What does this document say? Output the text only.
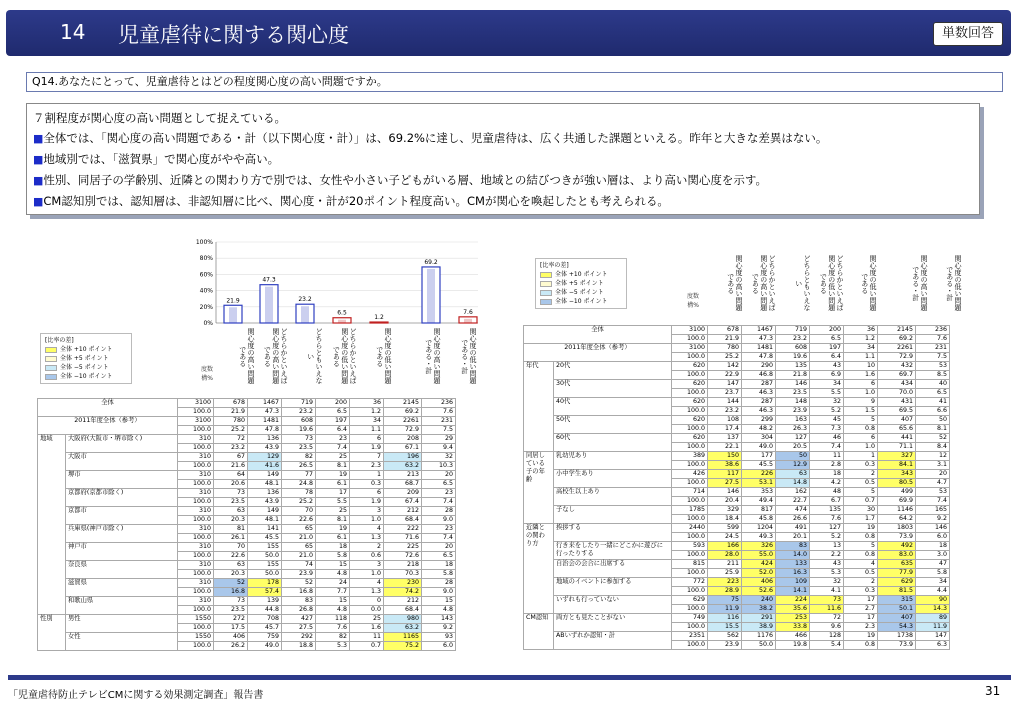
14 児童虐待に関する関心度	単数回答
Q14.あなたにとって、児童虐待とはどの程度関心度の高い問題ですか。
７割程度が関心度の高い問題として捉えている。
■全体では、「関心度の高い問題である・計（以下関心度・計）」は、69.2%に達し、児童虐待は、広く共通した課題といえる。昨年と大きな差異はない。
■地域別では、「滋賀県」で関心度がやや高い。
■性別、同居子の学齢別、近隣との関わり方で別では、女性や小さい子どもがいる層、地域との結びつきが強い層は、より高い関心度を示す。
■CM認知別では、認知層は、非認知層に比べ、関心度・計が20ポイント程度高い。CMが関心を喚起したとも考えられる。
0%
20%
40%
60%
80%
100%
21.9
47.3
23.2
6.5
1.2
69.2
7.6
[比率の差]
全体 +10 ポイント
全体 +5 ポイント
全体 −5 ポイント
全体 −10 ポイント
[比率の差]
全体 +10 ポイント
全体 +5 ポイント
全体 −5 ポイント
全体 −10 ポイント
関心度の高い問題である	どちらかといえば関心度の高い問題である	どちらともいえない	どちらかといえば関心度の低い問題である	関心度の低い問題である	関心度の高い問題である・計	関心度の低い問題である・計
度数
構%
関心度の高い問題である	どちらかといえば関心度の高い問題である	どちらともいえない	どちらかといえば関心度の低い問題である	関心度の低い問題である	関心度の高い問題である・計	関心度の低い問題である・計
度数
構%
全体		3100	678	1467	719	200	36	2145	236
		100.0	21.9	47.3	23.2	6.5	1.2	69.2	7.6
2011年度全体（参考）		3100	780	1481	608	197	34	2261	231
		100.0	25.2	47.8	19.6	6.4	1.1	72.9	7.5
地域	大阪府(大阪市・堺市除く)	310	72	136	73	23	6	208	29
		100.0	23.2	43.9	23.5	7.4	1.9	67.1	9.4
	大阪市	310	67	129	82	25	7	196	32
		100.0	21.6	41.6	26.5	8.1	2.3	63.2	10.3
	堺市	310	64	149	77	19	1	213	20
		100.0	20.6	48.1	24.8	6.1	0.3	68.7	6.5
	京都府(京都市除く)	310	73	136	78	17	6	209	23
		100.0	23.5	43.9	25.2	5.5	1.9	67.4	7.4
	京都市	310	63	149	70	25	3	212	28
		100.0	20.3	48.1	22.6	8.1	1.0	68.4	9.0
	兵庫県(神戸市除く)	310	81	141	65	19	4	222	23
		100.0	26.1	45.5	21.0	6.1	1.3	71.6	7.4
	神戸市	310	70	155	65	18	2	225	20
		100.0	22.6	50.0	21.0	5.8	0.6	72.6	6.5
	奈良県	310	63	155	74	15	3	218	18
		100.0	20.3	50.0	23.9	4.8	1.0	70.3	5.8
	滋賀県	310	52	178	52	24	4	230	28
		100.0	16.8	57.4	16.8	7.7	1.3	74.2	9.0
	和歌山県	310	73	139	83	15	0	212	15
		100.0	23.5	44.8	26.8	4.8	0.0	68.4	4.8
性別	男性	1550	272	708	427	118	25	980	143
		100.0	17.5	45.7	27.5	7.6	1.6	63.2	9.2
	女性	1550	406	759	292	82	11	1165	93
		100.0	26.2	49.0	18.8	5.3	0.7	75.2	6.0
全体		3100	678	1467	719	200	36	2145	236
		100.0	21.9	47.3	23.2	6.5	1.2	69.2	7.6
2011年度全体（参考）		3100	780	1481	608	197	34	2261	231
		100.0	25.2	47.8	19.6	6.4	1.1	72.9	7.5
年代	20代	620	142	290	135	43	10	432	53
		100.0	22.9	46.8	21.8	6.9	1.6	69.7	8.5
	30代	620	147	287	146	34	6	434	40
		100.0	23.7	46.3	23.5	5.5	1.0	70.0	6.5
	40代	620	144	287	148	32	9	431	41
		100.0	23.2	46.3	23.9	5.2	1.5	69.5	6.6
	50代	620	108	299	163	45	5	407	50
		100.0	17.4	48.2	26.3	7.3	0.8	65.6	8.1
	60代	620	137	304	127	46	6	441	52
		100.0	22.1	49.0	20.5	7.4	1.0	71.1	8.4
同居している子の年齢	乳幼児あり	389	150	177	50	11	1	327	12
		100.0	38.6	45.5	12.9	2.8	0.3	84.1	3.1
	小中学生あり	426	117	226	63	18	2	343	20
		100.0	27.5	53.1	14.8	4.2	0.5	80.5	4.7
	高校生以上あり	714	146	353	162	48	5	499	53
		100.0	20.4	49.4	22.7	6.7	0.7	69.9	7.4
	子なし	1785	329	817	474	135	30	1146	165
		100.0	18.4	45.8	26.6	7.6	1.7	64.2	9.2
近隣との関わり方	挨拶する	2440	599	1204	491	127	19	1803	146
		100.0	24.5	49.3	20.1	5.2	0.8	73.9	6.0
	行き来をしたり一緒にどこかに遊びに行ったりする	593	166	326	83	13	5	492	18
		100.0	28.0	55.0	14.0	2.2	0.8	83.0	3.0
	自治会の会合に出席する	815	211	424	133	43	4	635	47
		100.0	25.9	52.0	16.3	5.3	0.5	77.9	5.8
	地域のイベントに参加する	772	223	406	109	32	2	629	34
		100.0	28.9	52.6	14.1	4.1	0.3	81.5	4.4
	いずれも行っていない	629	75	240	224	73	17	315	90
		100.0	11.9	38.2	35.6	11.6	2.7	50.1	14.3
CM認知	両方とも見たことがない	749	116	291	253	72	17	407	89
		100.0	15.5	38.9	33.8	9.6	2.3	54.3	11.9
	ABいずれか認知・計	2351	562	1176	466	128	19	1738	147
		100.0	23.9	50.0	19.8	5.4	0.8	73.9	6.3
「児童虐待防止テレビCMに関する効果測定調査」報告書	31
